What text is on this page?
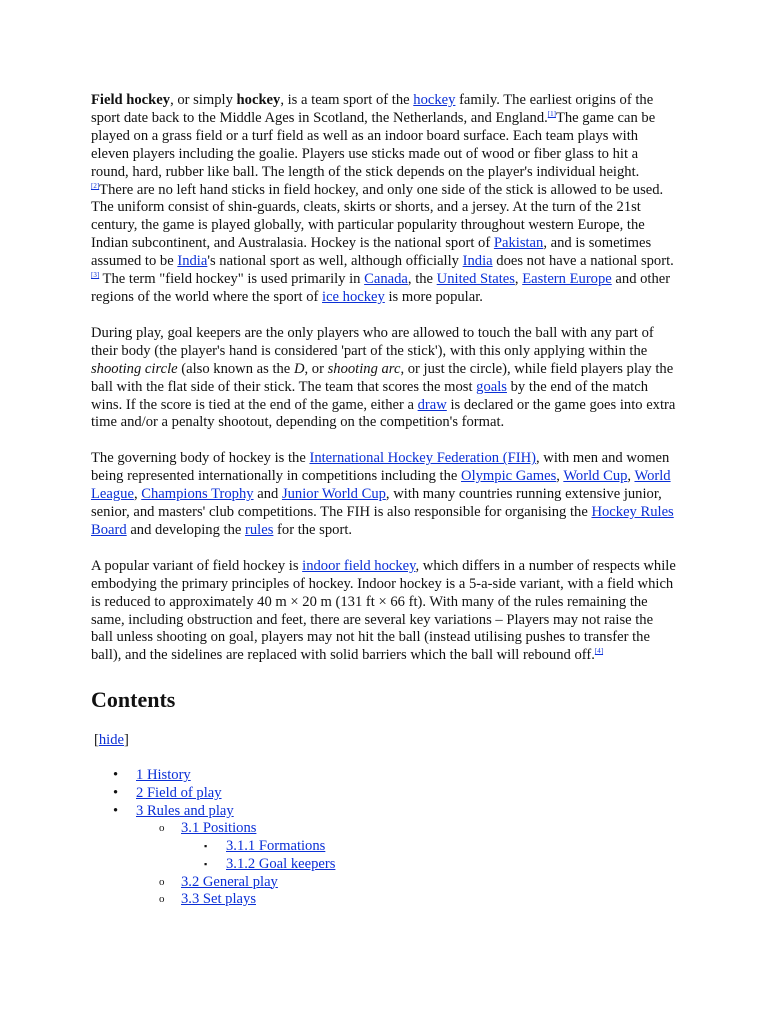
Field hockey, or simply hockey, is a team sport of the hockey family. The earliest origins of the sport date back to the Middle Ages in Scotland, the Netherlands, and England.[1]The game can be played on a grass field or a turf field as well as an indoor board surface. Each team plays with eleven players including the goalie. Players use sticks made out of wood or fiber glass to hit a round, hard, rubber like ball. The length of the stick depends on the player's individual height.[2]There are no left hand sticks in field hockey, and only one side of the stick is allowed to be used. The uniform consist of shin-guards, cleats, skirts or shorts, and a jersey. At the turn of the 21st century, the game is played globally, with particular popularity throughout western Europe, the Indian subcontinent, and Australasia. Hockey is the national sport of Pakistan, and is sometimes assumed to be India's national sport as well, although officially India does not have a national sport.[3] The term "field hockey" is used primarily in Canada, the United States, Eastern Europe and other regions of the world where the sport of ice hockey is more popular.

During play, goal keepers are the only players who are allowed to touch the ball with any part of their body (the player's hand is considered 'part of the stick'), with this only applying within the shooting circle (also known as the D, or shooting arc, or just the circle), while field players play the ball with the flat side of their stick. The team that scores the most goals by the end of the match wins. If the score is tied at the end of the game, either a draw is declared or the game goes into extra time and/or a penalty shootout, depending on the competition's format.

The governing body of hockey is the International Hockey Federation (FIH), with men and women being represented internationally in competitions including the Olympic Games, World Cup, World League, Champions Trophy and Junior World Cup, with many countries running extensive junior, senior, and masters' club competitions. The FIH is also responsible for organising the Hockey Rules Board and developing the rules for the sport.

A popular variant of field hockey is indoor field hockey, which differs in a number of respects while embodying the primary principles of hockey. Indoor hockey is a 5-a-side variant, with a field which is reduced to approximately 40 m × 20 m (131 ft × 66 ft). With many of the rules remaining the same, including obstruction and feet, there are several key variations – Players may not raise the ball unless shooting on goal, players may not hit the ball (instead utilising pushes to transfer the ball), and the sidelines are replaced with solid barriers which the ball will rebound off.[4]

Contents
[hide]
• 1 History
• 2 Field of play
• 3 Rules and play
o 3.1 Positions
▪ 3.1.1 Formations
▪ 3.1.2 Goal keepers
o 3.2 General play
o 3.3 Set plays
